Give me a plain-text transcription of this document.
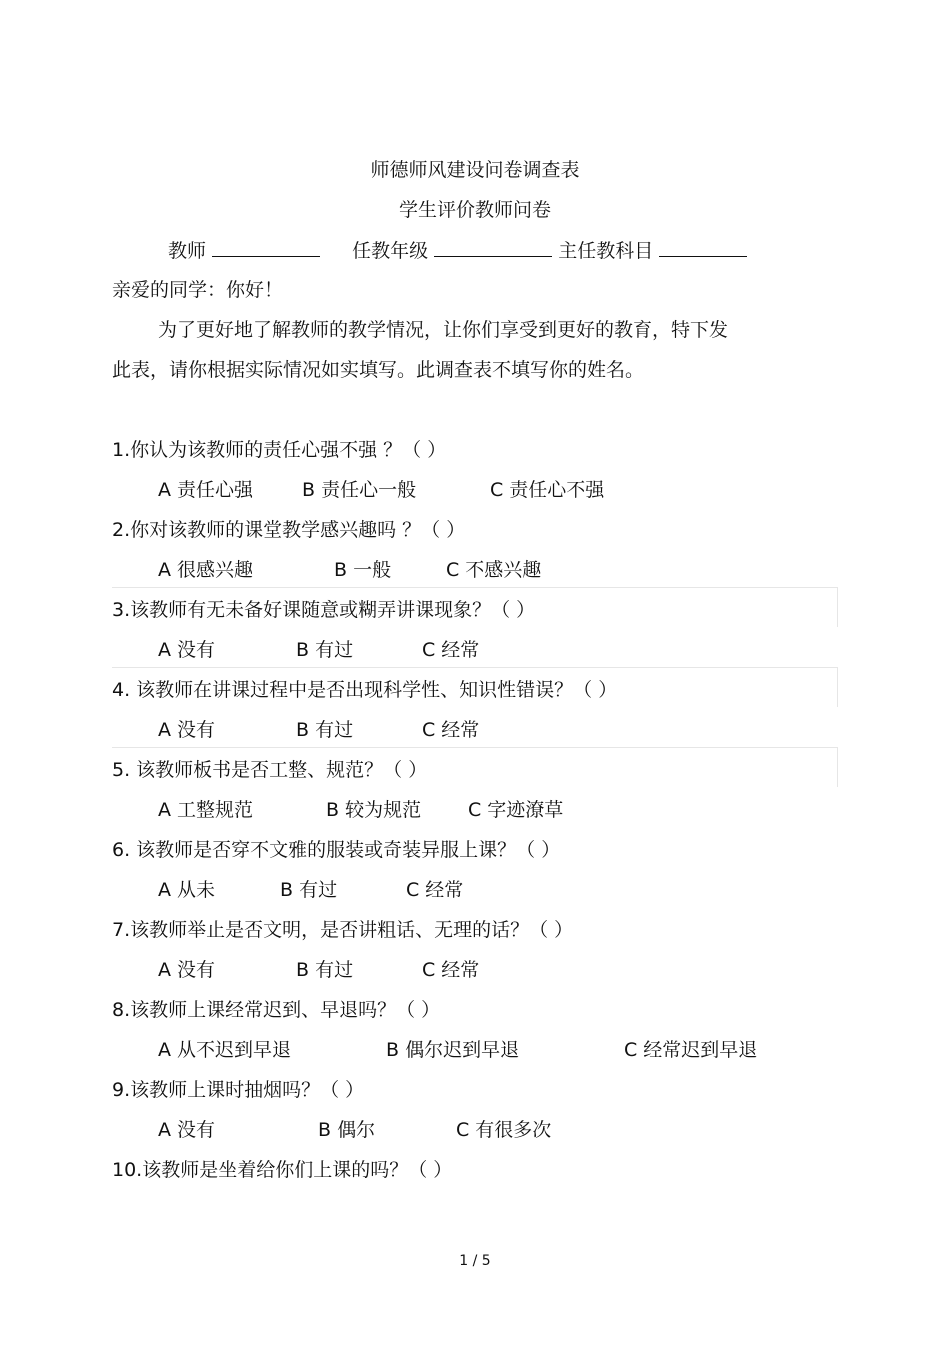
师德师风建设问卷调查表
学生评价教师问卷
教师	任教年级	主任教科目
亲爱的同学：你好！
为了更好地了解教师的教学情况，让你们享受到更好的教育，特下发
此表，请你根据实际情况如实填写。此调查表不填写你的姓名。
1.你认为该教师的责任心强不强 ？（ ）
A 责任心强	B 责任心一般	C 责任心不强
2.你对该教师的课堂教学感兴趣吗 ？（ ）
A 很感兴趣	B 一般	C 不感兴趣
3.该教师有无未备好课随意或糊弄讲课现象？（ ）
A 没有	B 有过	C 经常
4. 该教师在讲课过程中是否出现科学性、知识性错误？（ ）
A 没有	B 有过	C 经常
5. 该教师板书是否工整、规范？（ ）
A 工整规范	B 较为规范 C 字迹潦草
6. 该教师是否穿不文雅的服装或奇装异服上课？（ ）
A 从未	B 有过	C 经常
7.该教师举止是否文明，是否讲粗话、无理的话？（ ）
A 没有	B 有过	C 经常
8.该教师上课经常迟到、早退吗？（ ）
A 从不迟到早退	B 偶尔迟到早退	C 经常迟到早退
9.该教师上课时抽烟吗？（ ）
A 没有	B 偶尔	C 有很多次
10.该教师是坐着给你们上课的吗？（ ）
1 / 5
